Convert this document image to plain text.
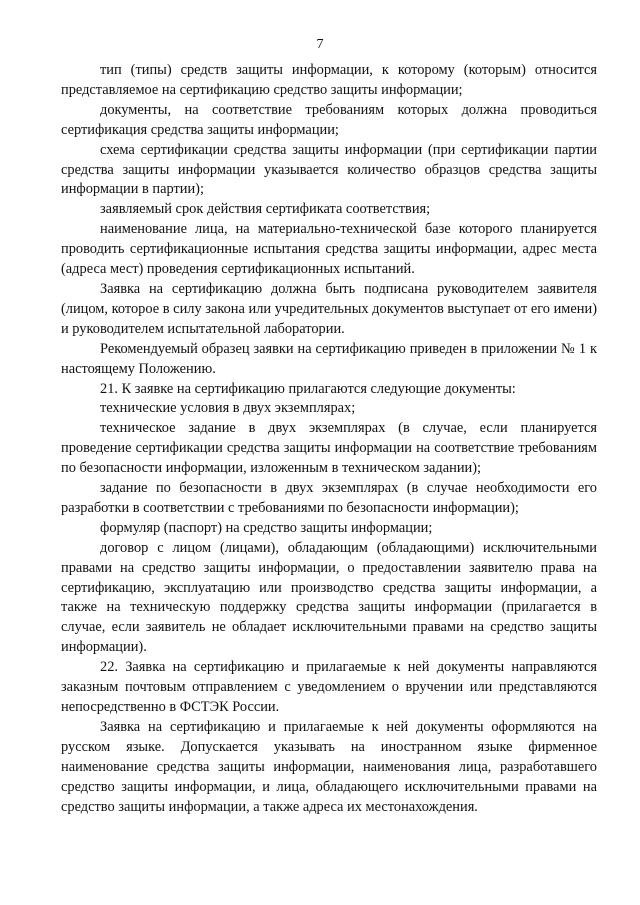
7

тип (типы) средств защиты информации, к которому (которым) относится представляемое на сертификацию средство защиты информации;

документы, на соответствие требованиям которых должна проводиться сертификация средства защиты информации;

схема сертификации средства защиты информации (при сертификации партии средства защиты информации указывается количество образцов средства защиты информации в партии);

заявляемый срок действия сертификата соответствия;

наименование лица, на материально-технической базе которого планируется проводить сертификационные испытания средства защиты информации, адрес места (адреса мест) проведения сертификационных испытаний.

Заявка на сертификацию должна быть подписана руководителем заявителя (лицом, которое в силу закона или учредительных документов выступает от его имени) и руководителем испытательной лаборатории.

Рекомендуемый образец заявки на сертификацию приведен в приложении № 1 к настоящему Положению.

21. К заявке на сертификацию прилагаются следующие документы:

технические условия в двух экземплярах;

техническое задание в двух экземплярах (в случае, если планируется проведение сертификации средства защиты информации на соответствие требованиям по безопасности информации, изложенным в техническом задании);

задание по безопасности в двух экземплярах (в случае необходимости его разработки в соответствии с требованиями по безопасности информации);

формуляр (паспорт) на средство защиты информации;

договор с лицом (лицами), обладающим (обладающими) исключительными правами на средство защиты информации, о предоставлении заявителю права на сертификацию, эксплуатацию или производство средства защиты информации, а также на техническую поддержку средства защиты информации (прилагается в случае, если заявитель не обладает исключительными правами на средство защиты информации).

22. Заявка на сертификацию и прилагаемые к ней документы направляются заказным почтовым отправлением с уведомлением о вручении или представляются непосредственно в ФСТЭК России.

Заявка на сертификацию и прилагаемые к ней документы оформляются на русском языке. Допускается указывать на иностранном языке фирменное наименование средства защиты информации, наименования лица, разработавшего средство защиты информации, и лица, обладающего исключительными правами на средство защиты информации, а также адреса их местонахождения.
